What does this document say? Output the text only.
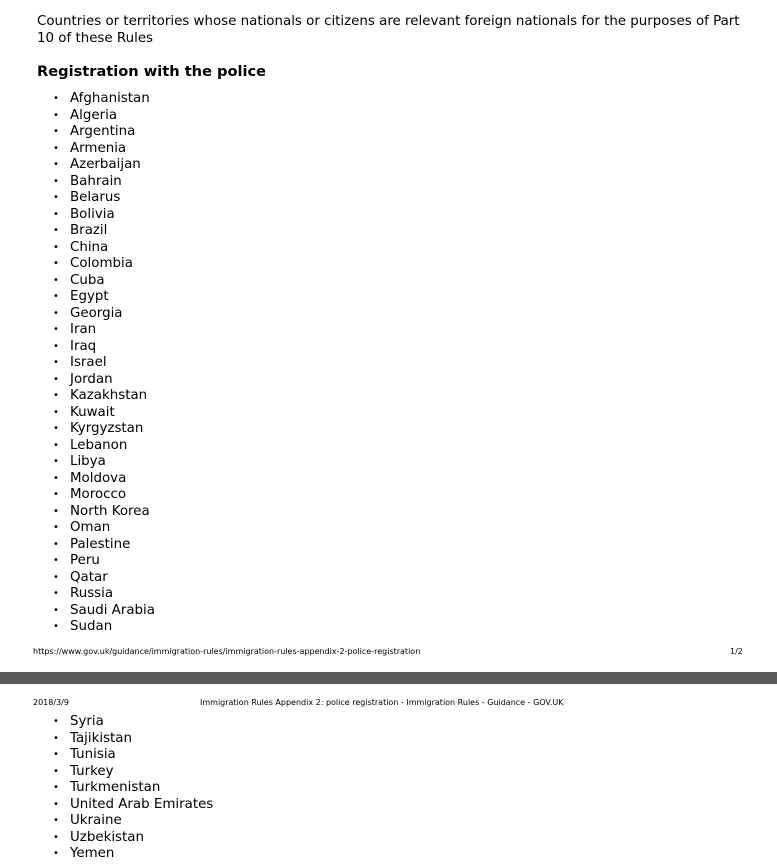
Countries or territories whose nationals or citizens are relevant foreign nationals for the purposes of Part 10 of these Rules
Registration with the police
• Afghanistan
• Algeria
• Argentina
• Armenia
• Azerbaijan
• Bahrain
• Belarus
• Bolivia
• Brazil
• China
• Colombia
• Cuba
• Egypt
• Georgia
• Iran
• Iraq
• Israel
• Jordan
• Kazakhstan
• Kuwait
• Kyrgyzstan
• Lebanon
• Libya
• Moldova
• Morocco
• North Korea
• Oman
• Palestine
• Peru
• Qatar
• Russia
• Saudi Arabia
• Sudan
https://www.gov.uk/guidance/immigration-rules/immigration-rules-appendix-2-police-registration	1/2
2018/3/9	Immigration Rules Appendix 2: police registration - Immigration Rules - Guidance - GOV.UK
• Syria
• Tajikistan
• Tunisia
• Turkey
• Turkmenistan
• United Arab Emirates
• Ukraine
• Uzbekistan
• Yemen
